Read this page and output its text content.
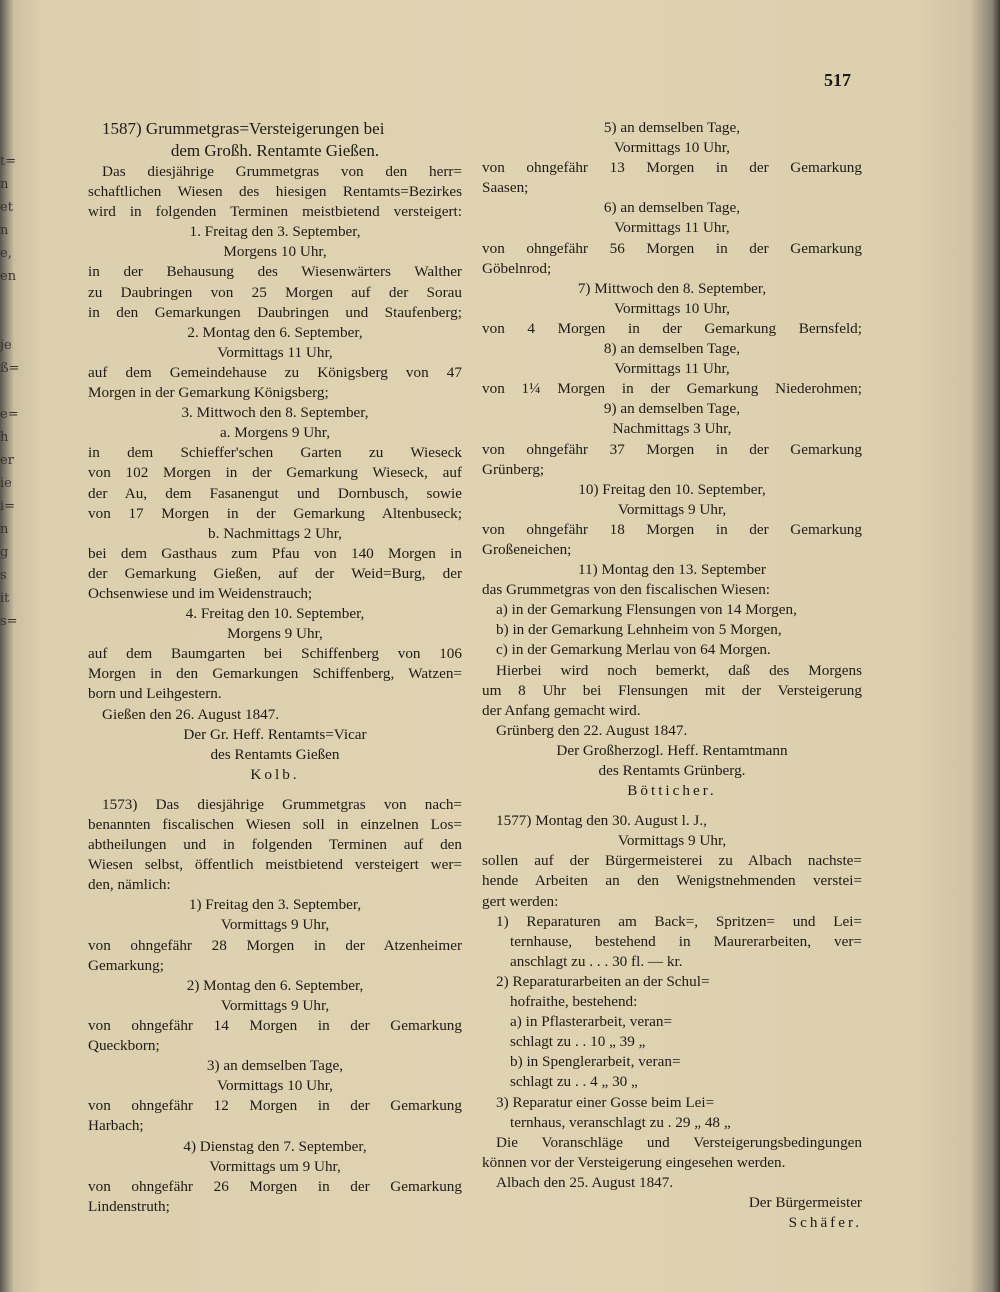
t=
n
et
n
e,
en
je
ß=
e=
h
er
ie
i=
n
g
s
it
s=
517
1587) Grummetgras=Versteigerungen bei
dem Großh. Rentamte Gießen.
Das diesjährige Grummetgras von den herr=
schaftlichen Wiesen des hiesigen Rentamts=Bezirkes
wird in folgenden Terminen meistbietend versteigert:
1. Freitag den 3. September,
Morgens 10 Uhr,
in der Behausung des Wiesenwärters Walther
zu Daubringen von 25 Morgen auf der Sorau
in den Gemarkungen Daubringen und Staufenberg;
2. Montag den 6. September,
Vormittags 11 Uhr,
auf dem Gemeindehause zu Königsberg von 47
Morgen in der Gemarkung Königsberg;
3. Mittwoch den 8. September,
a. Morgens 9 Uhr,
in dem Schieffer'schen Garten zu Wieseck
von 102 Morgen in der Gemarkung Wieseck, auf
der Au, dem Fasanengut und Dornbusch, sowie
von 17 Morgen in der Gemarkung Altenbuseck;
b. Nachmittags 2 Uhr,
bei dem Gasthaus zum Pfau von 140 Morgen in
der Gemarkung Gießen, auf der Weid=Burg, der
Ochsenwiese und im Weidenstrauch;
4. Freitag den 10. September,
Morgens 9 Uhr,
auf dem Baumgarten bei Schiffenberg von 106
Morgen in den Gemarkungen Schiffenberg, Watzen=
born und Leihgestern.
Gießen den 26. August 1847.
Der Gr. Heff. Rentamts=Vicar
des Rentamts Gießen
Kolb.
1573) Das diesjährige Grummetgras von nach=
benannten fiscalischen Wiesen soll in einzelnen Los=
abtheilungen und in folgenden Terminen auf den
Wiesen selbst, öffentlich meistbietend versteigert wer=
den, nämlich:
1) Freitag den 3. September,
Vormittags 9 Uhr,
von ohngefähr 28 Morgen in der Atzenheimer
Gemarkung;
2) Montag den 6. September,
Vormittags 9 Uhr,
von ohngefähr 14 Morgen in der Gemarkung
Queckborn;
3) an demselben Tage,
Vormittags 10 Uhr,
von ohngefähr 12 Morgen in der Gemarkung
Harbach;
4) Dienstag den 7. September,
Vormittags um 9 Uhr,
von ohngefähr 26 Morgen in der Gemarkung
Lindenstruth;
5) an demselben Tage,
Vormittags 10 Uhr,
von ohngefähr 13 Morgen in der Gemarkung
Saasen;
6) an demselben Tage,
Vormittags 11 Uhr,
von ohngefähr 56 Morgen in der Gemarkung
Göbelnrod;
7) Mittwoch den 8. September,
Vormittags 10 Uhr,
von 4 Morgen in der Gemarkung Bernsfeld;
8) an demselben Tage,
Vormittags 11 Uhr,
von 1¼ Morgen in der Gemarkung Niederohmen;
9) an demselben Tage,
Nachmittags 3 Uhr,
von ohngefähr 37 Morgen in der Gemarkung
Grünberg;
10) Freitag den 10. September,
Vormittags 9 Uhr,
von ohngefähr 18 Morgen in der Gemarkung
Großeneichen;
11) Montag den 13. September
das Grummetgras von den fiscalischen Wiesen:
a) in der Gemarkung Flensungen von 14 Morgen,
b) in der Gemarkung Lehnheim von 5 Morgen,
c) in der Gemarkung Merlau von 64 Morgen.
Hierbei wird noch bemerkt, daß des Morgens
um 8 Uhr bei Flensungen mit der Versteigerung
der Anfang gemacht wird.
Grünberg den 22. August 1847.
Der Großherzogl. Heff. Rentamtmann
des Rentamts Grünberg.
Bötticher.
1577) Montag den 30. August l. J.,
Vormittags 9 Uhr,
sollen auf der Bürgermeisterei zu Albach nachste=
hende Arbeiten an den Wenigstnehmenden verstei=
gert werden:
1) Reparaturen am Back=, Spritzen= und Lei=
ternhause, bestehend in Maurerarbeiten, ver=
anschlagt zu . . . 30 fl. — kr.
2) Reparaturarbeiten an der Schul=
hofraithe, bestehend:
a) in Pflasterarbeit, veran=
schlagt zu . . 10 „ 39 „
b) in Spenglerarbeit, veran=
schlagt zu . . 4 „ 30 „
3) Reparatur einer Gosse beim Lei=
ternhaus, veranschlagt zu . 29 „ 48 „
Die Voranschläge und Versteigerungsbedingungen
können vor der Versteigerung eingesehen werden.
Albach den 25. August 1847.
Der Bürgermeister
Schäfer.
